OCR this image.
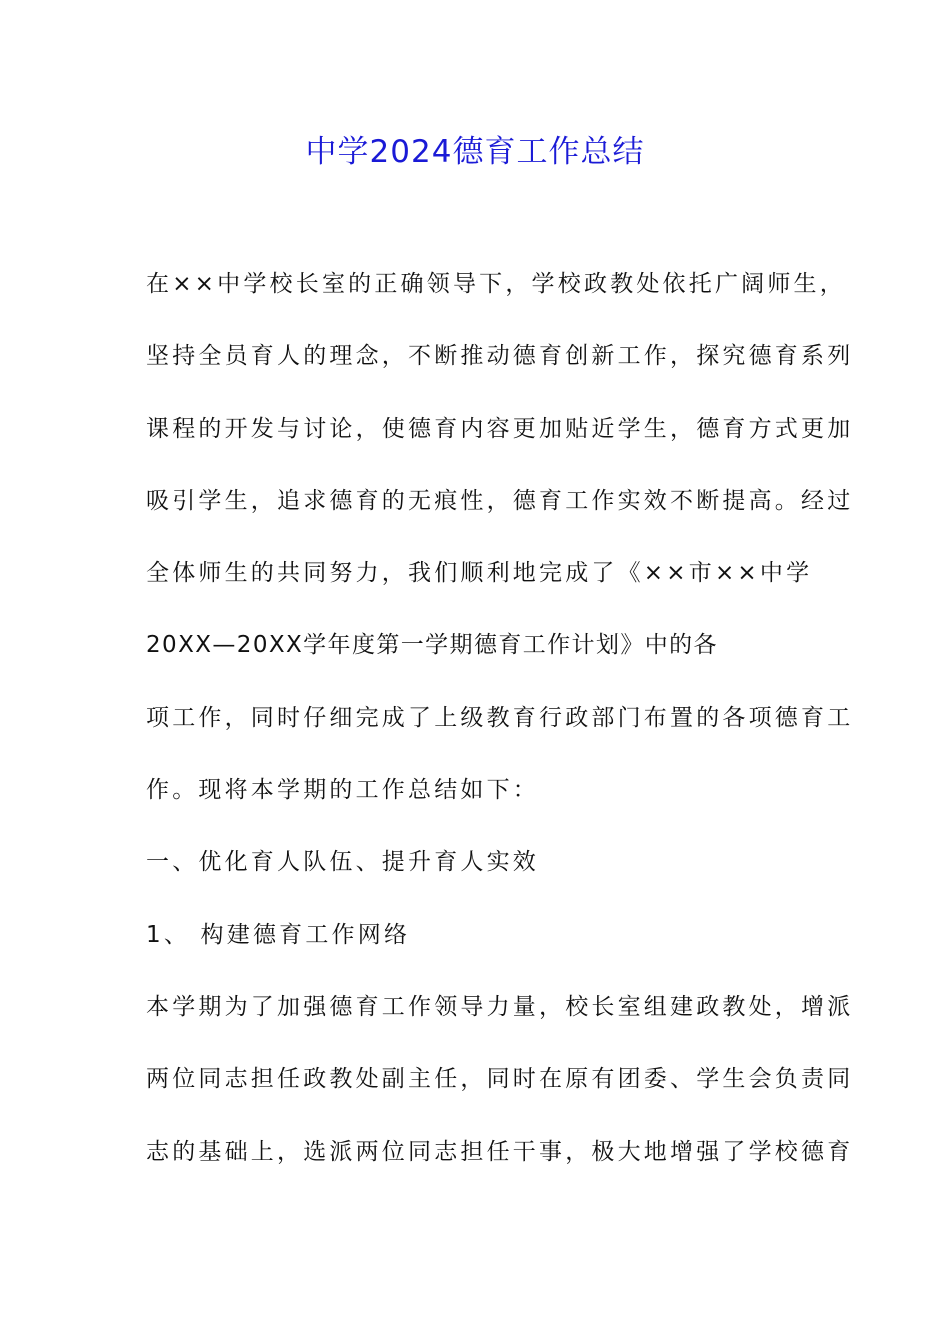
中学2024德育工作总结
在××中学校长室的正确领导下，学校政教处依托广阔师生，
坚持全员育人的理念，不断推动德育创新工作，探究德育系列
课程的开发与讨论，使德育内容更加贴近学生，德育方式更加
吸引学生，追求德育的无痕性，德育工作实效不断提高。经过
全体师生的共同努力，我们顺利地完成了《××市××中学
20XX—20XX学年度第一学期德育工作计划》中的各
项工作，同时仔细完成了上级教育行政部门布置的各项德育工
作。现将本学期的工作总结如下：
一、优化育人队伍、提升育人实效
1、 构建德育工作网络
本学期为了加强德育工作领导力量，校长室组建政教处，增派
两位同志担任政教处副主任，同时在原有团委、学生会负责同
志的基础上，选派两位同志担任干事，极大地增强了学校德育
